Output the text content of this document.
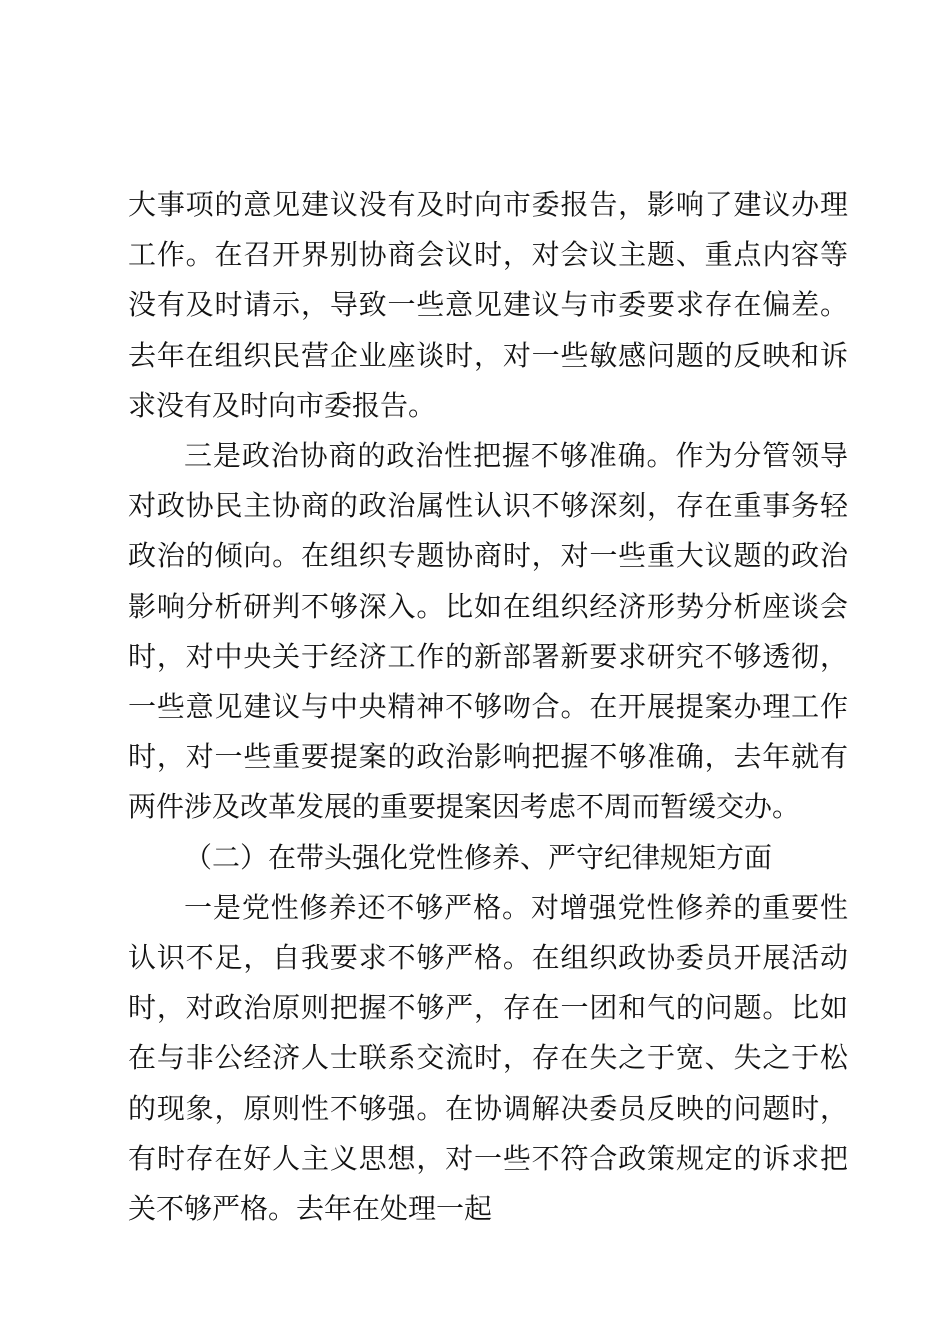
大事项的意见建议没有及时向市委报告，影响了建议办理工作。在召开界别协商会议时，对会议主题、重点内容等没有及时请示，导致一些意见建议与市委要求存在偏差。去年在组织民营企业座谈时，对一些敏感问题的反映和诉求没有及时向市委报告。

三是政治协商的政治性把握不够准确。作为分管领导对政协民主协商的政治属性认识不够深刻，存在重事务轻政治的倾向。在组织专题协商时，对一些重大议题的政治影响分析研判不够深入。比如在组织经济形势分析座谈会时，对中央关于经济工作的新部署新要求研究不够透彻，一些意见建议与中央精神不够吻合。在开展提案办理工作时，对一些重要提案的政治影响把握不够准确，去年就有两件涉及改革发展的重要提案因考虑不周而暂缓交办。

（二）在带头强化党性修养、严守纪律规矩方面

一是党性修养还不够严格。对增强党性修养的重要性认识不足，自我要求不够严格。在组织政协委员开展活动时，对政治原则把握不够严，存在一团和气的问题。比如在与非公经济人士联系交流时，存在失之于宽、失之于松的现象，原则性不够强。在协调解决委员反映的问题时，有时存在好人主义思想，对一些不符合政策规定的诉求把关不够严格。去年在处理一起
